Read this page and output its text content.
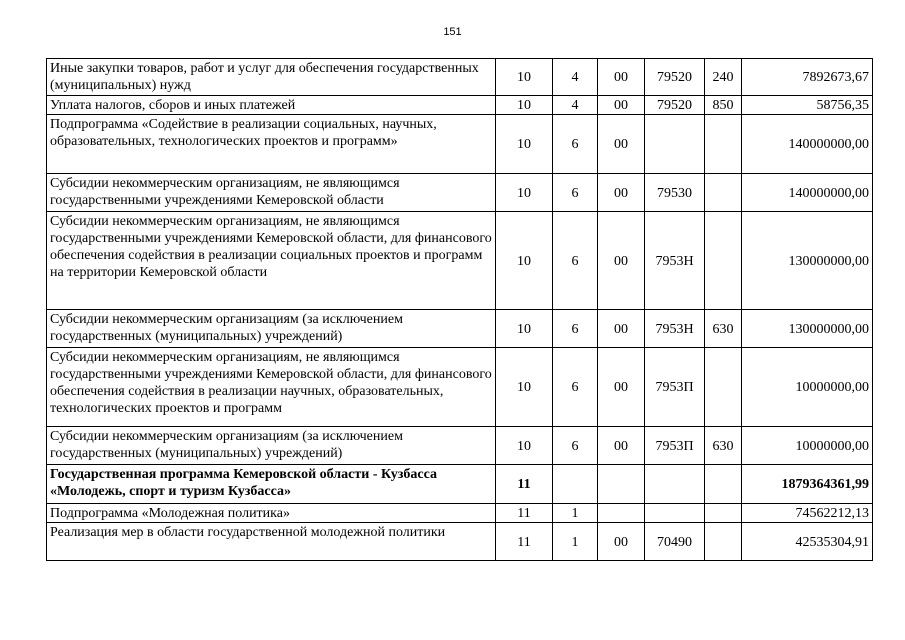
151
Иные закупки товаров, работ и услуг для обеспечения государственных (муниципальных) нужд	10	4	00	79520	240	7892673,67
Уплата налогов, сборов и иных платежей	10	4	00	79520	850	58756,35
Подпрограмма «Содействие в реализации социальных, научных, образовательных, технологических проектов и программ»	10	6	00			140000000,00
Субсидии некоммерческим организациям, не являющимся государственными учреждениями Кемеровской области	10	6	00	79530		140000000,00
Субсидии некоммерческим организациям, не являющимся государственными учреждениями Кемеровской области, для финансового обеспечения содействия в реализации социальных проектов и программ на территории Кемеровской области	10	6	00	7953Н		130000000,00
Субсидии некоммерческим организациям (за исключением государственных (муниципальных) учреждений)	10	6	00	7953Н	630	130000000,00
Субсидии некоммерческим организациям, не являющимся государственными учреждениями Кемеровской области, для финансового обеспечения содействия в реализации научных, образовательных, технологических проектов и программ	10	6	00	7953П		10000000,00
Субсидии некоммерческим организациям (за исключением государственных (муниципальных) учреждений)	10	6	00	7953П	630	10000000,00
Государственная программа Кемеровской области - Кузбасса «Молодежь, спорт и туризм Кузбасса»	11					1879364361,99
Подпрограмма «Молодежная политика»	11	1				74562212,13
Реализация мер в области государственной молодежной политики	11	1	00	70490		42535304,91
